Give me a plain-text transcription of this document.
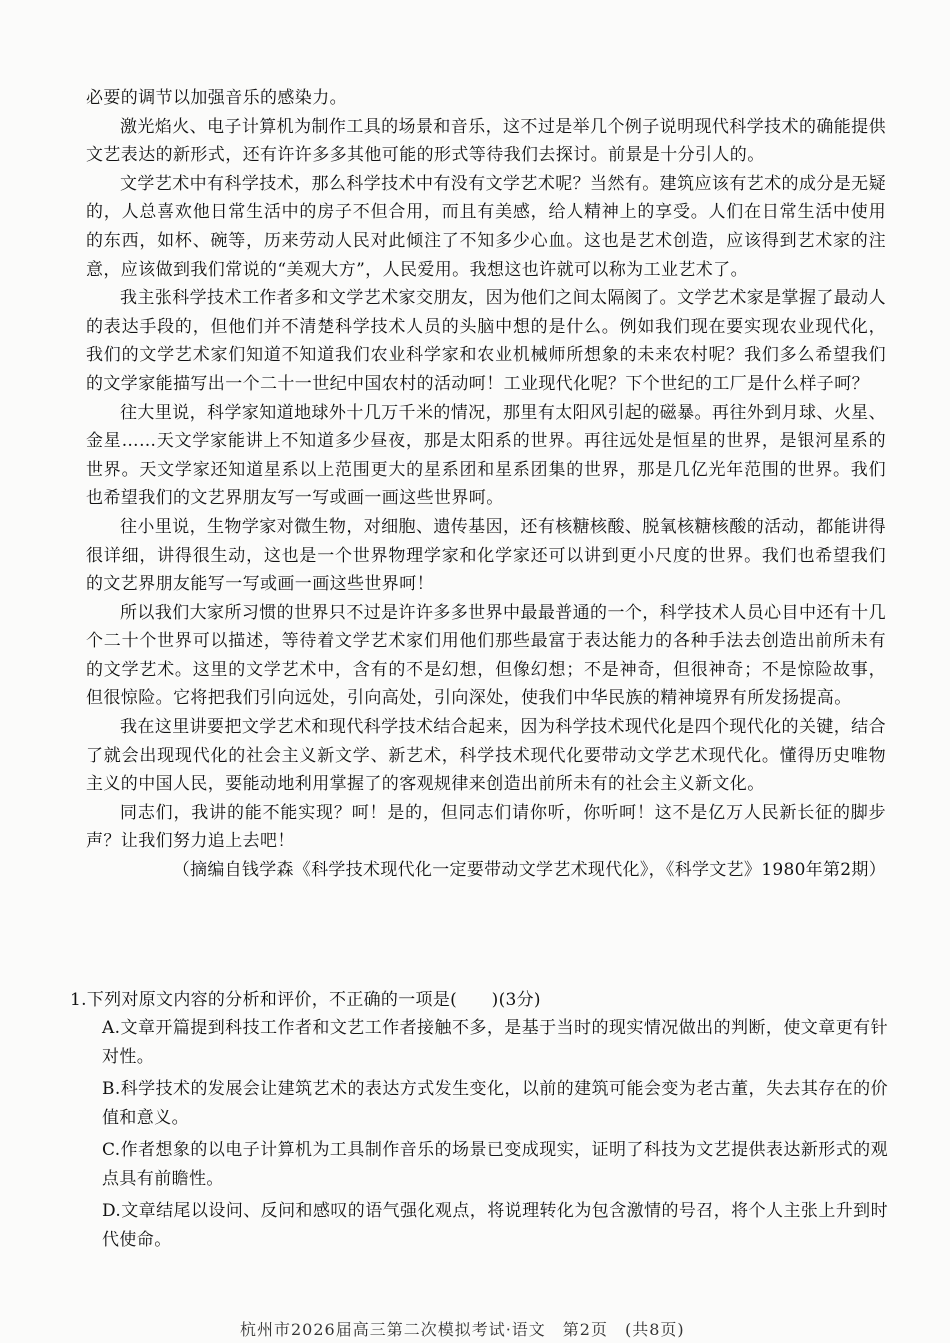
必要的调节以加强音乐的感染力。

激光焰火、电子计算机为制作工具的场景和音乐，这不过是举几个例子说明现代科学技术的确能提供文艺表达的新形式，还有许许多多其他可能的形式等待我们去探讨。前景是十分引人的。

文学艺术中有科学技术，那么科学技术中有没有文学艺术呢？当然有。建筑应该有艺术的成分是无疑的，人总喜欢他日常生活中的房子不但合用，而且有美感，给人精神上的享受。人们在日常生活中使用的东西，如杯、碗等，历来劳动人民对此倾注了不知多少心血。这也是艺术创造，应该得到艺术家的注意，应该做到我们常说的“美观大方”，人民爱用。我想这也许就可以称为工业艺术了。

我主张科学技术工作者多和文学艺术家交朋友，因为他们之间太隔阂了。文学艺术家是掌握了最动人的表达手段的，但他们并不清楚科学技术人员的头脑中想的是什么。例如我们现在要实现农业现代化，我们的文学艺术家们知道不知道我们农业科学家和农业机械师所想象的未来农村呢？我们多么希望我们的文学家能描写出一个二十一世纪中国农村的活动呵！工业现代化呢？下个世纪的工厂是什么样子呵？

往大里说，科学家知道地球外十几万千米的情况，那里有太阳风引起的磁暴。再往外到月球、火星、金星……天文学家能讲上不知道多少昼夜，那是太阳系的世界。再往远处是恒星的世界，是银河星系的世界。天文学家还知道星系以上范围更大的星系团和星系团集的世界，那是几亿光年范围的世界。我们也希望我们的文艺界朋友写一写或画一画这些世界呵。

往小里说，生物学家对微生物，对细胞、遗传基因，还有核糖核酸、脱氧核糖核酸的活动，都能讲得很详细，讲得很生动，这也是一个世界物理学家和化学家还可以讲到更小尺度的世界。我们也希望我们的文艺界朋友能写一写或画一画这些世界呵！

所以我们大家所习惯的世界只不过是许许多多世界中最最普通的一个，科学技术人员心目中还有十几个二十个世界可以描述，等待着文学艺术家们用他们那些最富于表达能力的各种手法去创造出前所未有的文学艺术。这里的文学艺术中，含有的不是幻想，但像幻想；不是神奇，但很神奇；不是惊险故事，但很惊险。它将把我们引向远处，引向高处，引向深处，使我们中华民族的精神境界有所发扬提高。

我在这里讲要把文学艺术和现代科学技术结合起来，因为科学技术现代化是四个现代化的关键，结合了就会出现现代化的社会主义新文学、新艺术，科学技术现代化要带动文学艺术现代化。懂得历史唯物主义的中国人民，要能动地利用掌握了的客观规律来创造出前所未有的社会主义新文化。

同志们，我讲的能不能实现？呵！是的，但同志们请你听，你听呵！这不是亿万人民新长征的脚步声？让我们努力追上去吧！

（摘编自钱学森《科学技术现代化一定要带动文学艺术现代化》，《科学文艺》1980年第2期）

1.下列对原文内容的分析和评价，不正确的一项是(　　)(3分)

A.文章开篇提到科技工作者和文艺工作者接触不多，是基于当时的现实情况做出的判断，使文章更有针对性。

B.科学技术的发展会让建筑艺术的表达方式发生变化，以前的建筑可能会变为老古董，失去其存在的价值和意义。

C.作者想象的以电子计算机为工具制作音乐的场景已变成现实，证明了科技为文艺提供表达新形式的观点具有前瞻性。

D.文章结尾以设问、反问和感叹的语气强化观点，将说理转化为包含激情的号召，将个人主张上升到时代使命。

杭州市2026届高三第二次模拟考试·语文　第2页　(共8页)
